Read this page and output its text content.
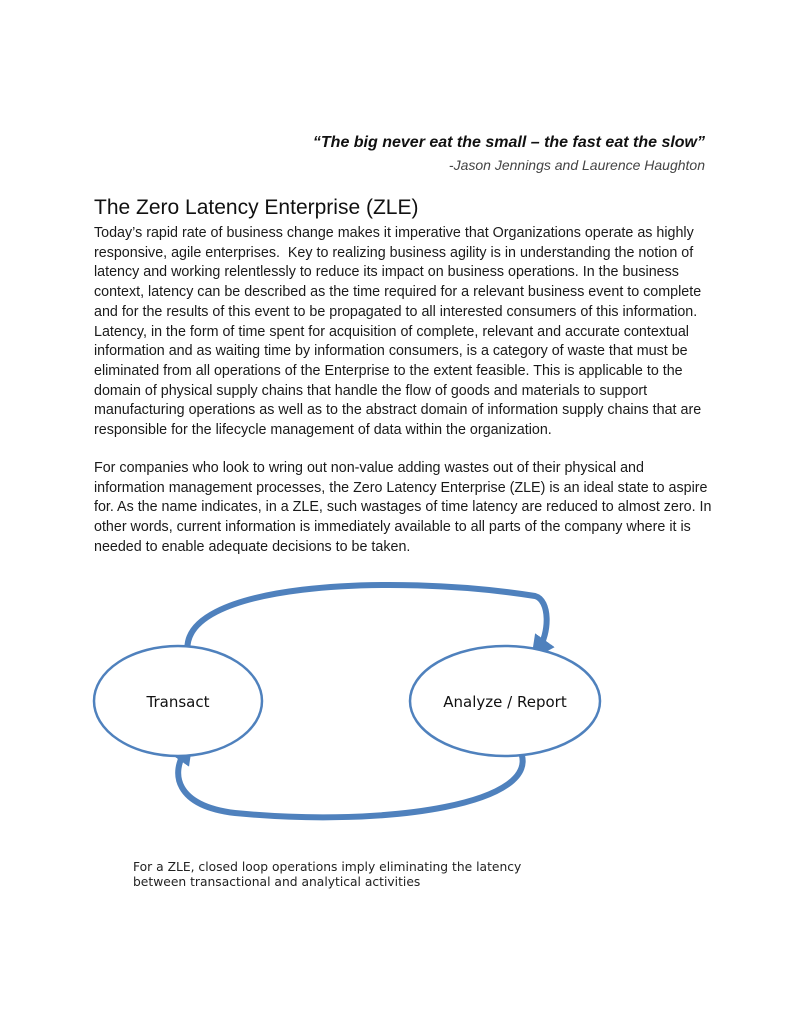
“The big never eat the small – the fast eat the slow”
-Jason Jennings and Laurence Haughton
The Zero Latency Enterprise (ZLE)

Today’s rapid rate of business change makes it imperative that Organizations operate as highly responsive, agile enterprises.  Key to realizing business agility is in understanding the notion of latency and working relentlessly to reduce its impact on business operations. In the business context, latency can be described as the time required for a relevant business event to complete and for the results of this event to be propagated to all interested consumers of this information. Latency, in the form of time spent for acquisition of complete, relevant and accurate contextual information and as waiting time by information consumers, is a category of waste that must be eliminated from all operations of the Enterprise to the extent feasible. This is applicable to the domain of physical supply chains that handle the flow of goods and materials to support manufacturing operations as well as to the abstract domain of information supply chains that are responsible for the lifecycle management of data within the organization.

For companies who look to wring out non-value adding wastes out of their physical and information management processes, the Zero Latency Enterprise (ZLE) is an ideal state to aspire for. As the name indicates, in a ZLE, such wastages of time latency are reduced to almost zero. In other words, current information is immediately available to all parts of the company where it is needed to enable adequate decisions to be taken.

Transact	Analyze / Report

For a ZLE, closed loop operations imply eliminating the latency
between transactional and analytical activities
